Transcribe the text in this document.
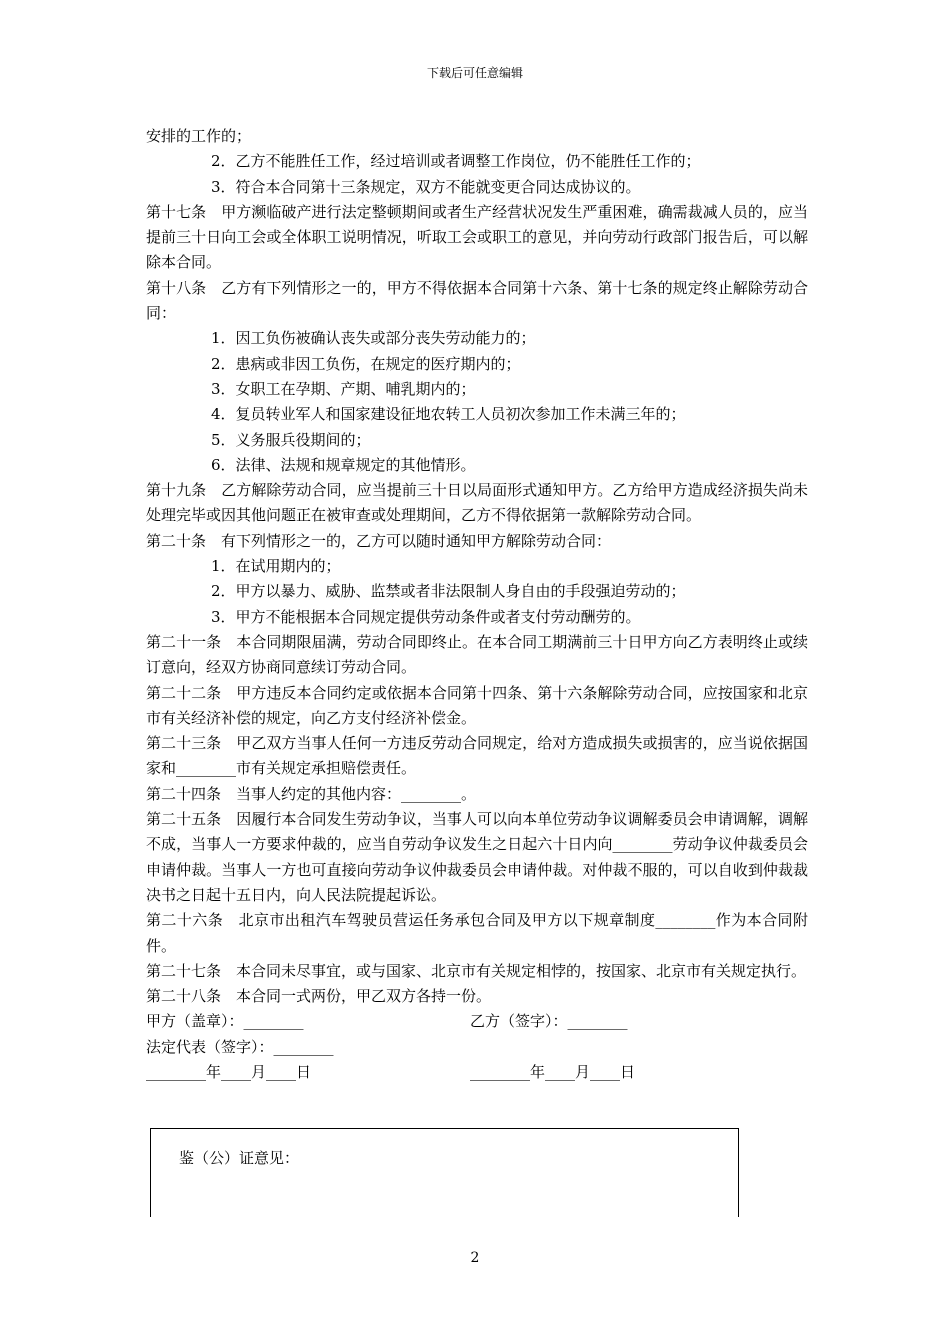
下载后可任意编辑

安排的工作的；

2．乙方不能胜任工作，经过培训或者调整工作岗位，仍不能胜任工作的；

3．符合本合同第十三条规定，双方不能就变更合同达成协议的。

第十七条　甲方濒临破产进行法定整顿期间或者生产经营状况发生严重困难，确需裁减人员的，应当提前三十日向工会或全体职工说明情况，听取工会或职工的意见，并向劳动行政部门报告后，可以解除本合同。

第十八条　乙方有下列情形之一的，甲方不得依据本合同第十六条、第十七条的规定终止解除劳动合同：

1．因工负伤被确认丧失或部分丧失劳动能力的；

2．患病或非因工负伤，在规定的医疗期内的；

3．女职工在孕期、产期、哺乳期内的；

4．复员转业军人和国家建设征地农转工人员初次参加工作未满三年的；

5．义务服兵役期间的；

6．法律、法规和规章规定的其他情形。

第十九条　乙方解除劳动合同，应当提前三十日以局面形式通知甲方。乙方给甲方造成经济损失尚未处理完毕或因其他问题正在被审查或处理期间，乙方不得依据第一款解除劳动合同。

第二十条　有下列情形之一的，乙方可以随时通知甲方解除劳动合同：

1．在试用期内的；

2．甲方以暴力、威胁、监禁或者非法限制人身自由的手段强迫劳动的；

3．甲方不能根据本合同规定提供劳动条件或者支付劳动酬劳的。

第二十一条　本合同期限届满，劳动合同即终止。在本合同工期满前三十日甲方向乙方表明终止或续订意向，经双方协商同意续订劳动合同。

第二十二条　甲方违反本合同约定或依据本合同第十四条、第十六条解除劳动合同，应按国家和北京市有关经济补偿的规定，向乙方支付经济补偿金。

第二十三条　甲乙双方当事人任何一方违反劳动合同规定，给对方造成损失或损害的，应当说依据国家和________市有关规定承担赔偿责任。

第二十四条　当事人约定的其他内容：________。

第二十五条　因履行本合同发生劳动争议，当事人可以向本单位劳动争议调解委员会申请调解，调解不成，当事人一方要求仲裁的，应当自劳动争议发生之日起六十日内向________劳动争议仲裁委员会申请仲裁。当事人一方也可直接向劳动争议仲裁委员会申请仲裁。对仲裁不服的，可以自收到仲裁裁决书之日起十五日内，向人民法院提起诉讼。

第二十六条　北京市出租汽车驾驶员营运任务承包合同及甲方以下规章制度________作为本合同附件。

第二十七条　本合同未尽事宜，或与国家、北京市有关规定相悖的，按国家、北京市有关规定执行。

第二十八条　本合同一式两份，甲乙双方各持一份。

甲方（盖章）：________	乙方（签字）：________
法定代表（签字）：________
________年____月____日	________年____月____日
鉴（公）证意见：
2
